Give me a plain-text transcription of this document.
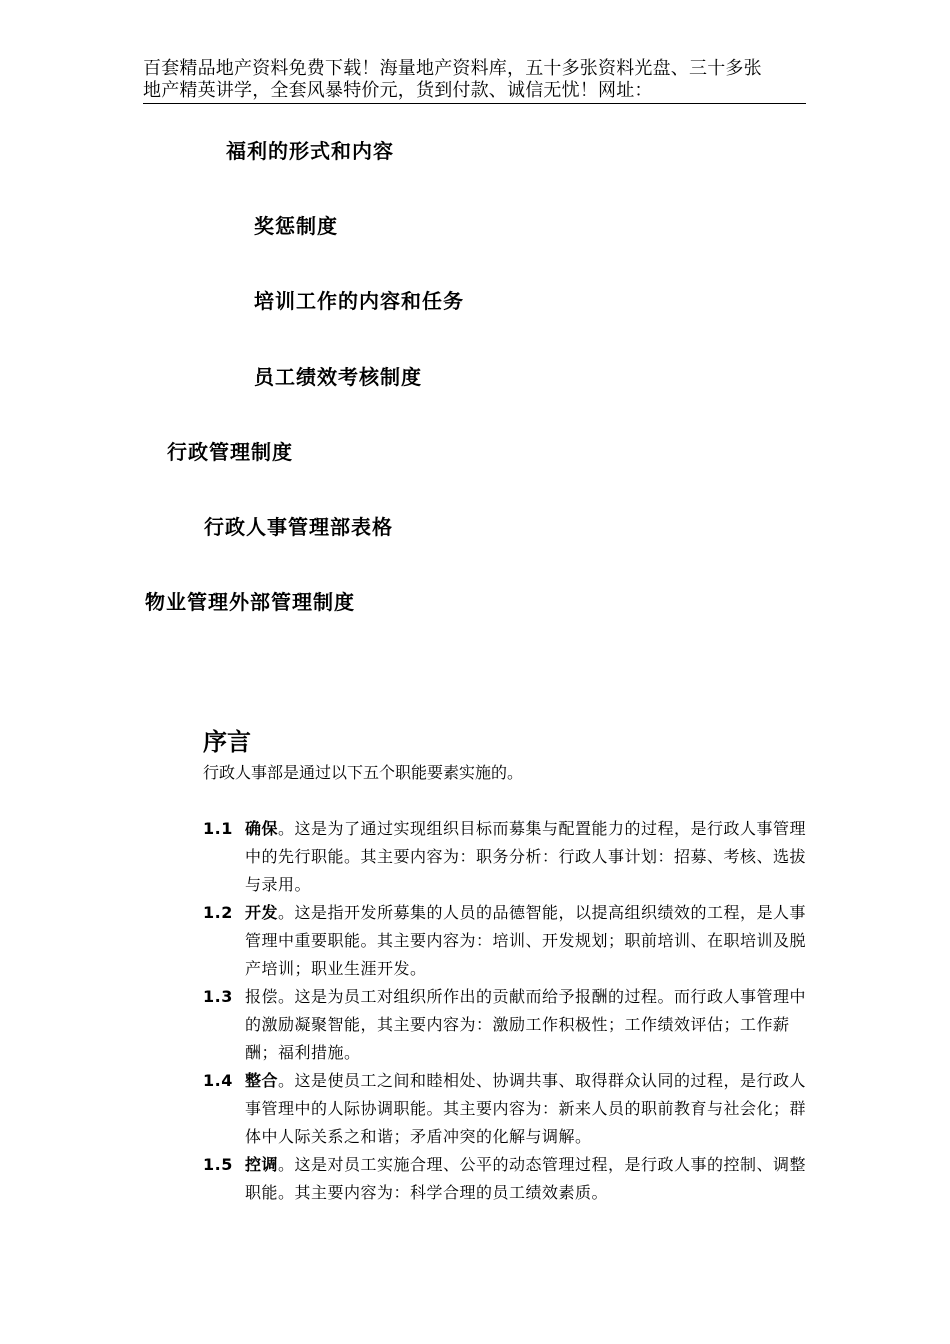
百套精品地产资料免费下载！海量地产资料库，五十多张资料光盘、三十多张
地产精英讲学，全套风暴特价元，货到付款、诚信无忧！网址：
福利的形式和内容
奖惩制度
培训工作的内容和任务
员工绩效考核制度
行政管理制度
行政人事管理部表格
物业管理外部管理制度
序言
行政人事部是通过以下五个职能要素实施的。
1.1 确保。这是为了通过实现组织目标而募集与配置能力的过程，是行政人事管理中的先行职能。其主要内容为：职务分析：行政人事计划：招募、考核、选拔与录用。
1.2 开发。这是指开发所募集的人员的品德智能，以提高组织绩效的工程，是人事管理中重要职能。其主要内容为：培训、开发规划；职前培训、在职培训及脱产培训；职业生涯开发。
1.3 报偿。这是为员工对组织所作出的贡献而给予报酬的过程。而行政人事管理中的激励凝聚智能，其主要内容为：激励工作积极性；工作绩效评估；工作薪酬；福利措施。
1.4 整合。这是使员工之间和睦相处、协调共事、取得群众认同的过程，是行政人事管理中的人际协调职能。其主要内容为：新来人员的职前教育与社会化；群体中人际关系之和谐；矛盾冲突的化解与调解。
1.5 控调。这是对员工实施合理、公平的动态管理过程，是行政人事的控制、调整职能。其主要内容为：科学合理的员工绩效素质。
